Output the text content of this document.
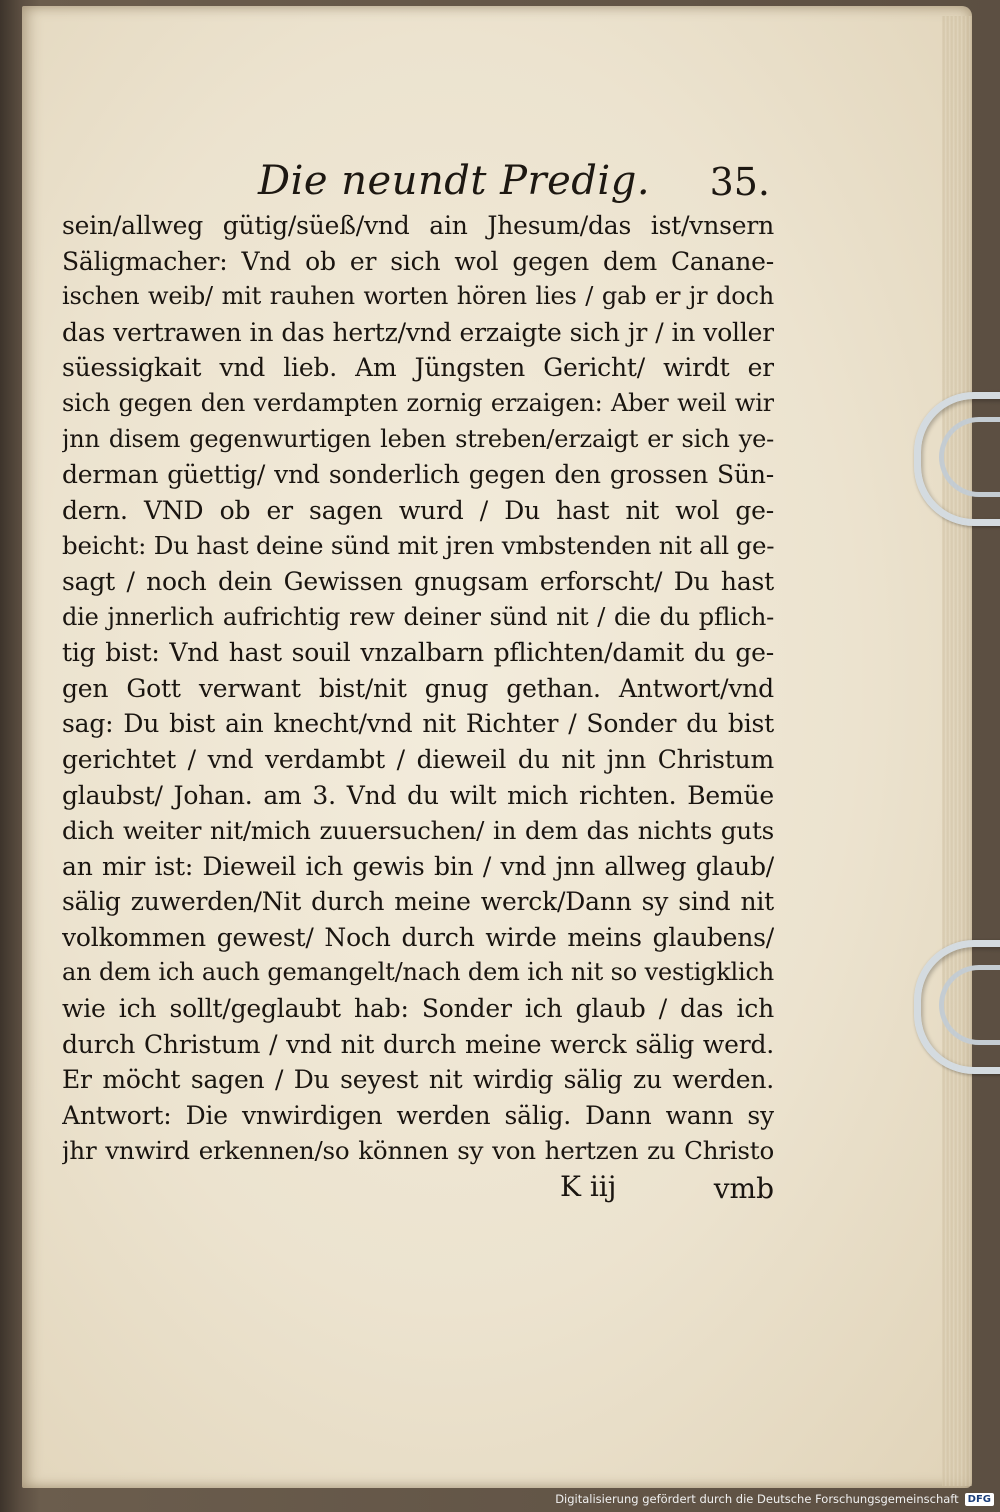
Die neundt Predig. 35.
sein/allweg gütig/süeß/vnd ain Jhesum/das ist/vnsern
Säligmacher: Vnd ob er sich wol gegen dem Canane-
ischen weib/ mit rauhen worten hören lies / gab er jr doch
das vertrawen in das hertz/vnd erzaigte sich jr / in voller
süessigkait vnd lieb. Am Jüngsten Gericht/ wirdt er
sich gegen den verdampten zornig erzaigen: Aber weil wir
jnn disem gegenwurtigen leben streben/erzaigt er sich ye-
derman güettig/ vnd sonderlich gegen den grossen Sün-
dern. VND ob er sagen wurd / Du hast nit wol ge-
beicht: Du hast deine sünd mit jren vmbstenden nit all ge-
sagt / noch dein Gewissen gnugsam erforscht/ Du hast
die jnnerlich aufrichtig rew deiner sünd nit / die du pflich-
tig bist: Vnd hast souil vnzalbarn pflichten/damit du ge-
gen Gott verwant bist/nit gnug gethan. Antwort/vnd
sag: Du bist ain knecht/vnd nit Richter / Sonder du bist
gerichtet / vnd verdambt / dieweil du nit jnn Christum
glaubst/ Johan. am 3. Vnd du wilt mich richten. Bemüe
dich weiter nit/mich zuuersuchen/ in dem das nichts guts
an mir ist: Dieweil ich gewis bin / vnd jnn allweg glaub/
sälig zuwerden/Nit durch meine werck/Dann sy sind nit
volkommen gewest/ Noch durch wirde meins glaubens/
an dem ich auch gemangelt/nach dem ich nit so vestigklich
wie ich sollt/geglaubt hab: Sonder ich glaub / das ich
durch Christum / vnd nit durch meine werck sälig werd.
Er möcht sagen / Du seyest nit wirdig sälig zu werden.
Antwort: Die vnwirdigen werden sälig. Dann wann sy
jhr vnwird erkennen/so können sy von hertzen zu Christo
K iij	vmb
Digitalisierung gefördert durch die Deutsche Forschungsgemeinschaft DFG
